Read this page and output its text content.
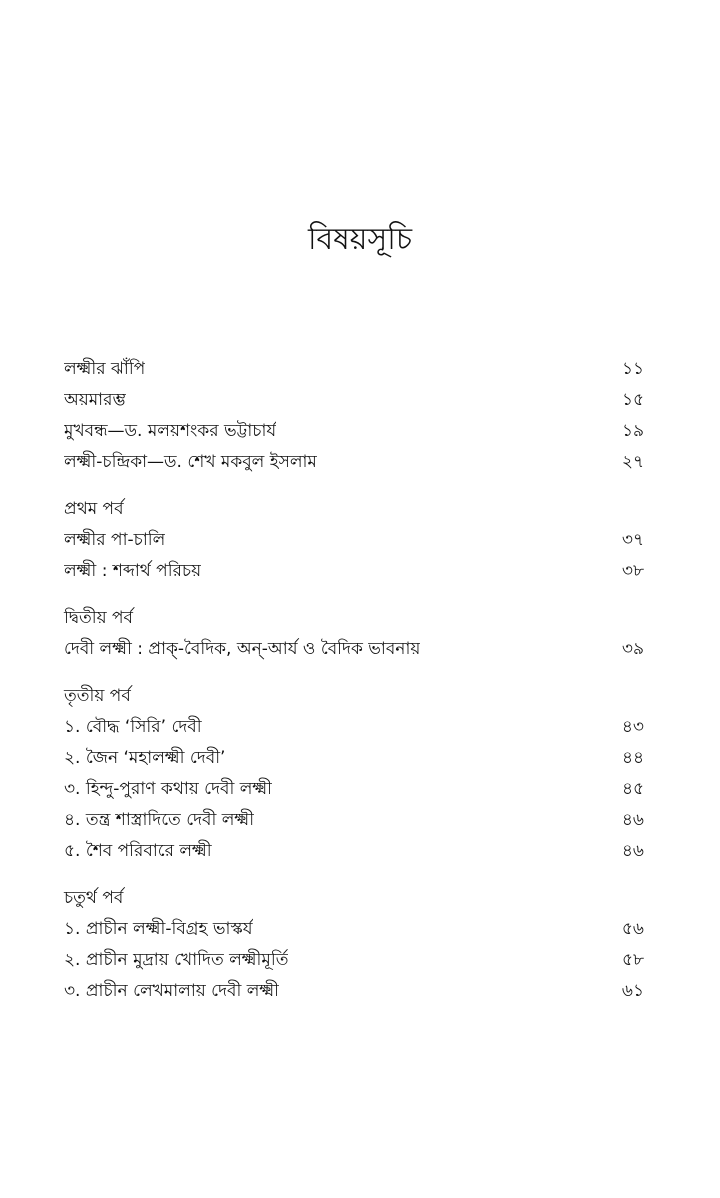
বিষয়সূচি
লক্ষ্মীর ঝাঁপি	১১
অয়মারম্ভ	১৫
মুখবন্ধ—ড. মলয়শংকর ভট্টাচার্য	১৯
লক্ষ্মী-চন্দ্রিকা—ড. শেখ মকবুল ইসলাম	২৭
প্রথম পর্ব
লক্ষ্মীর পা-চালি	৩৭
লক্ষ্মী : শব্দার্থ পরিচয়	৩৮
দ্বিতীয় পর্ব
দেবী লক্ষ্মী : প্রাক্-বৈদিক, অন্-আর্য ও বৈদিক ভাবনায়	৩৯
তৃতীয় পর্ব
১. বৌদ্ধ ‘সিরি’ দেবী	৪৩
২. জৈন ‘মহালক্ষ্মী দেবী’	৪৪
৩. হিন্দু-পুরাণ কথায় দেবী লক্ষ্মী	৪৫
৪. তন্ত্র শাস্ত্রাদিতে দেবী লক্ষ্মী	৪৬
৫. শৈব পরিবারে লক্ষ্মী	৪৬
চতুর্থ পর্ব
১. প্রাচীন লক্ষ্মী-বিগ্রহ ভাস্কর্য	৫৬
২. প্রাচীন মুদ্রায় খোদিত লক্ষ্মীমূর্তি	৫৮
৩. প্রাচীন লেখমালায় দেবী লক্ষ্মী	৬১
